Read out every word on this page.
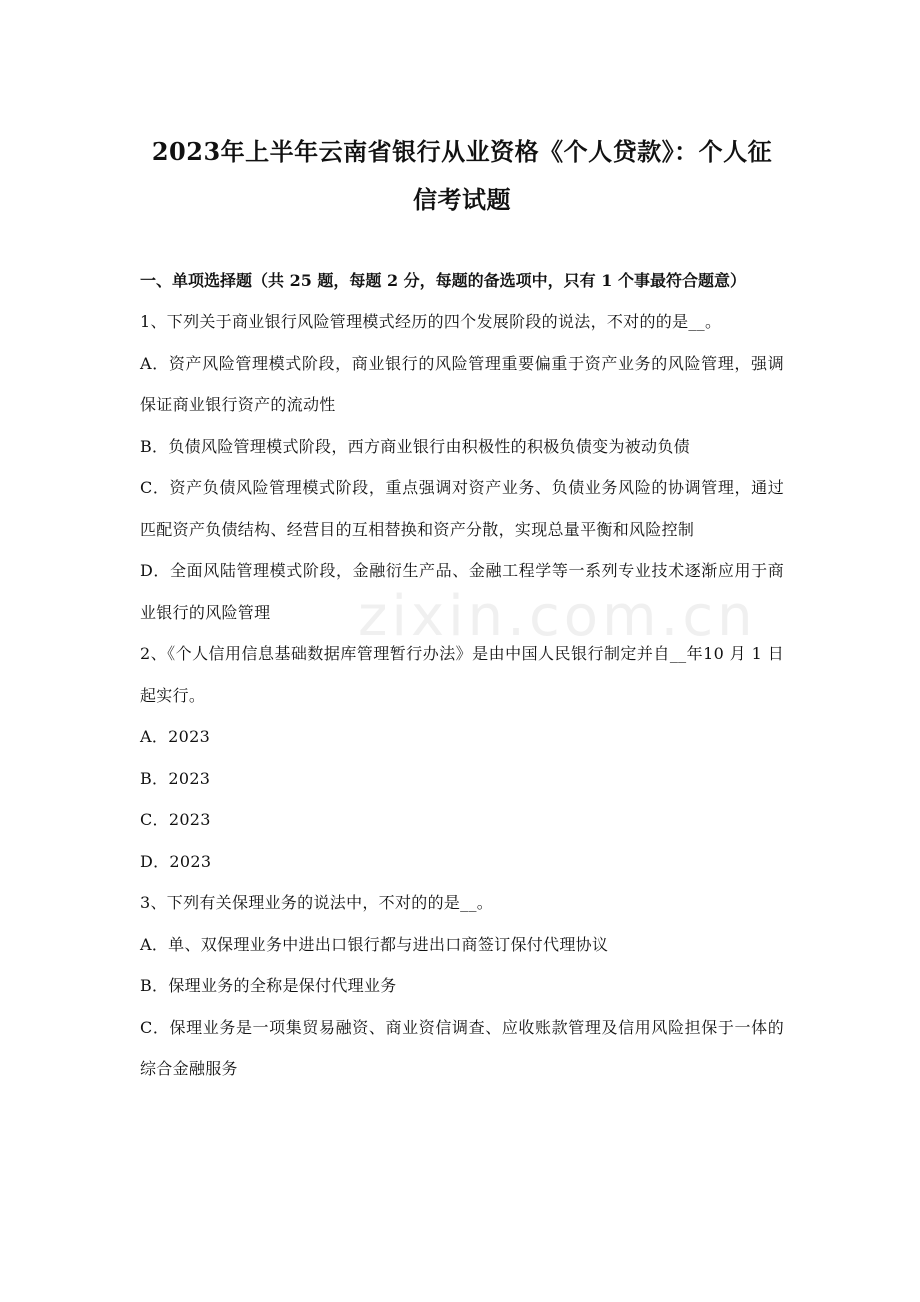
2023年上半年云南省银行从业资格《个人贷款》：个人征
信考试题

一、单项选择题（共 25 题，每题 2 分，每题的备选项中，只有 1 个事最符合题意）

1、下列关于商业银行风险管理模式经历的四个发展阶段的说法，不对的的是__。

A．资产风险管理模式阶段，商业银行的风险管理重要偏重于资产业务的风险管理，强调保证商业银行资产的流动性

B．负债风险管理模式阶段，西方商业银行由积极性的积极负债变为被动负债

C．资产负债风险管理模式阶段，重点强调对资产业务、负债业务风险的协调管理，通过匹配资产负债结构、经营目的互相替换和资产分散，实现总量平衡和风险控制

D．全面风陆管理模式阶段，金融衍生产品、金融工程学等一系列专业技术逐渐应用于商业银行的风险管理

2、《个人信用信息基础数据库管理暂行办法》是由中国人民银行制定并自__年10 月 1 日起实行。

A．2023

B．2023

C．2023

D．2023

3、下列有关保理业务的说法中，不对的的是__。

A．单、双保理业务中进出口银行都与进出口商签订保付代理协议

B．保理业务的全称是保付代理业务

C．保理业务是一项集贸易融资、商业资信调查、应收账款管理及信用风险担保于一体的综合金融服务

zixin.com.cn
